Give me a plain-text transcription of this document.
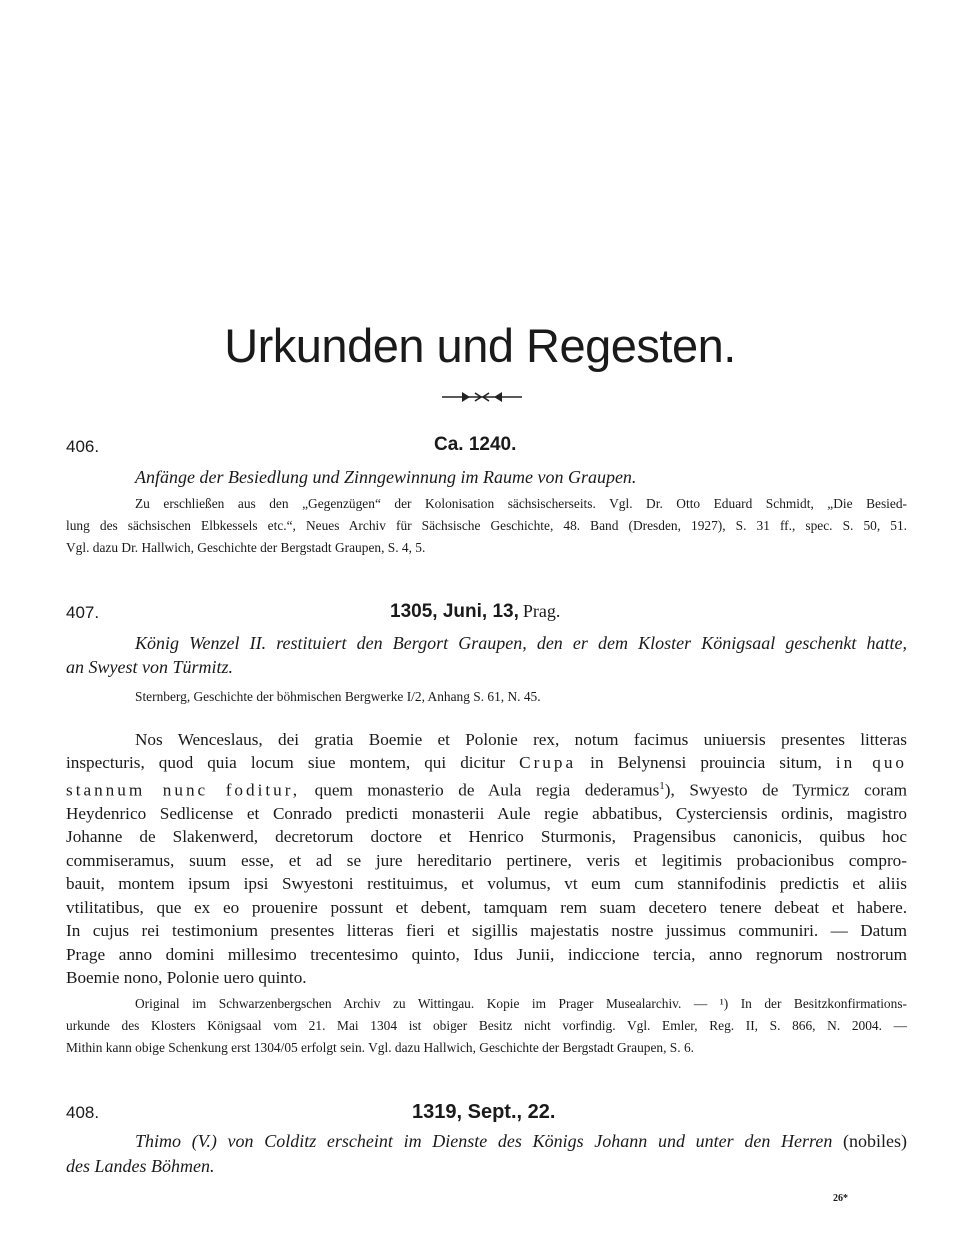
Urkunden und Regesten.
406.	Ca. 1240.
Anfänge der Besiedlung und Zinngewinnung im Raume von Graupen.
Zu erschließen aus den „Gegenzügen“ der Kolonisation sächsischerseits. Vgl. Dr. Otto Eduard Schmidt, „Die Besied-
lung des sächsischen Elbkessels etc.“, Neues Archiv für Sächsische Geschichte, 48. Band (Dresden, 1927), S. 31 ff., spec. S. 50, 51.
Vgl. dazu Dr. Hallwich, Geschichte der Bergstadt Graupen, S. 4, 5.
407.	1305, Juni, 13, Prag.
König Wenzel II. restituiert den Bergort Graupen, den er dem Kloster Königsaal geschenkt hatte,
an Swyest von Türmitz.
Sternberg, Geschichte der böhmischen Bergwerke I/2, Anhang S. 61, N. 45.
Nos Wenceslaus, dei gratia Boemie et Polonie rex, notum facimus uniuersis presentes litteras
inspecturis, quod quia locum siue montem, qui dicitur Crupa in Belynensi prouincia situm, in quo
stannum nunc foditur, quem monasterio de Aula regia dederamus$^1$), Swyesto de Tyrmicz coram
Heydenrico Sedlicense et Conrado predicti monasterii Aule regie abbatibus, Cysterciensis ordinis, magistro
Johanne de Slakenwerd, decretorum doctore et Henrico Sturmonis, Pragensibus canonicis, quibus hoc
commiseramus, suum esse, et ad se jure hereditario pertinere, veris et legitimis probacionibus compro-
bauit, montem ipsum ipsi Swyestoni restituimus, et volumus, vt eum cum stannifodinis predictis et aliis
vtilitatibus, que ex eo prouenire possunt et debent, tamquam rem suam decetero tenere debeat et habere.
In cujus rei testimonium presentes litteras fieri et sigillis majestatis nostre jussimus communiri. — Datum
Prage anno domini millesimo trecentesimo quinto, Idus Junii, indiccione tercia, anno regnorum nostrorum
Boemie nono, Polonie uero quinto.
Original im Schwarzenbergschen Archiv zu Wittingau. Kopie im Prager Musealarchiv. — ¹) In der Besitzkonfirmations-
urkunde des Klosters Königsaal vom 21. Mai 1304 ist obiger Besitz nicht vorfindig. Vgl. Emler, Reg. II, S. 866, N. 2004. —
Mithin kann obige Schenkung erst 1304/05 erfolgt sein. Vgl. dazu Hallwich, Geschichte der Bergstadt Graupen, S. 6.
408.	1319, Sept., 22.
Thimo (V.) von Colditz erscheint im Dienste des Königs Johann und unter den Herren (nobiles)
des Landes Böhmen.
26*
